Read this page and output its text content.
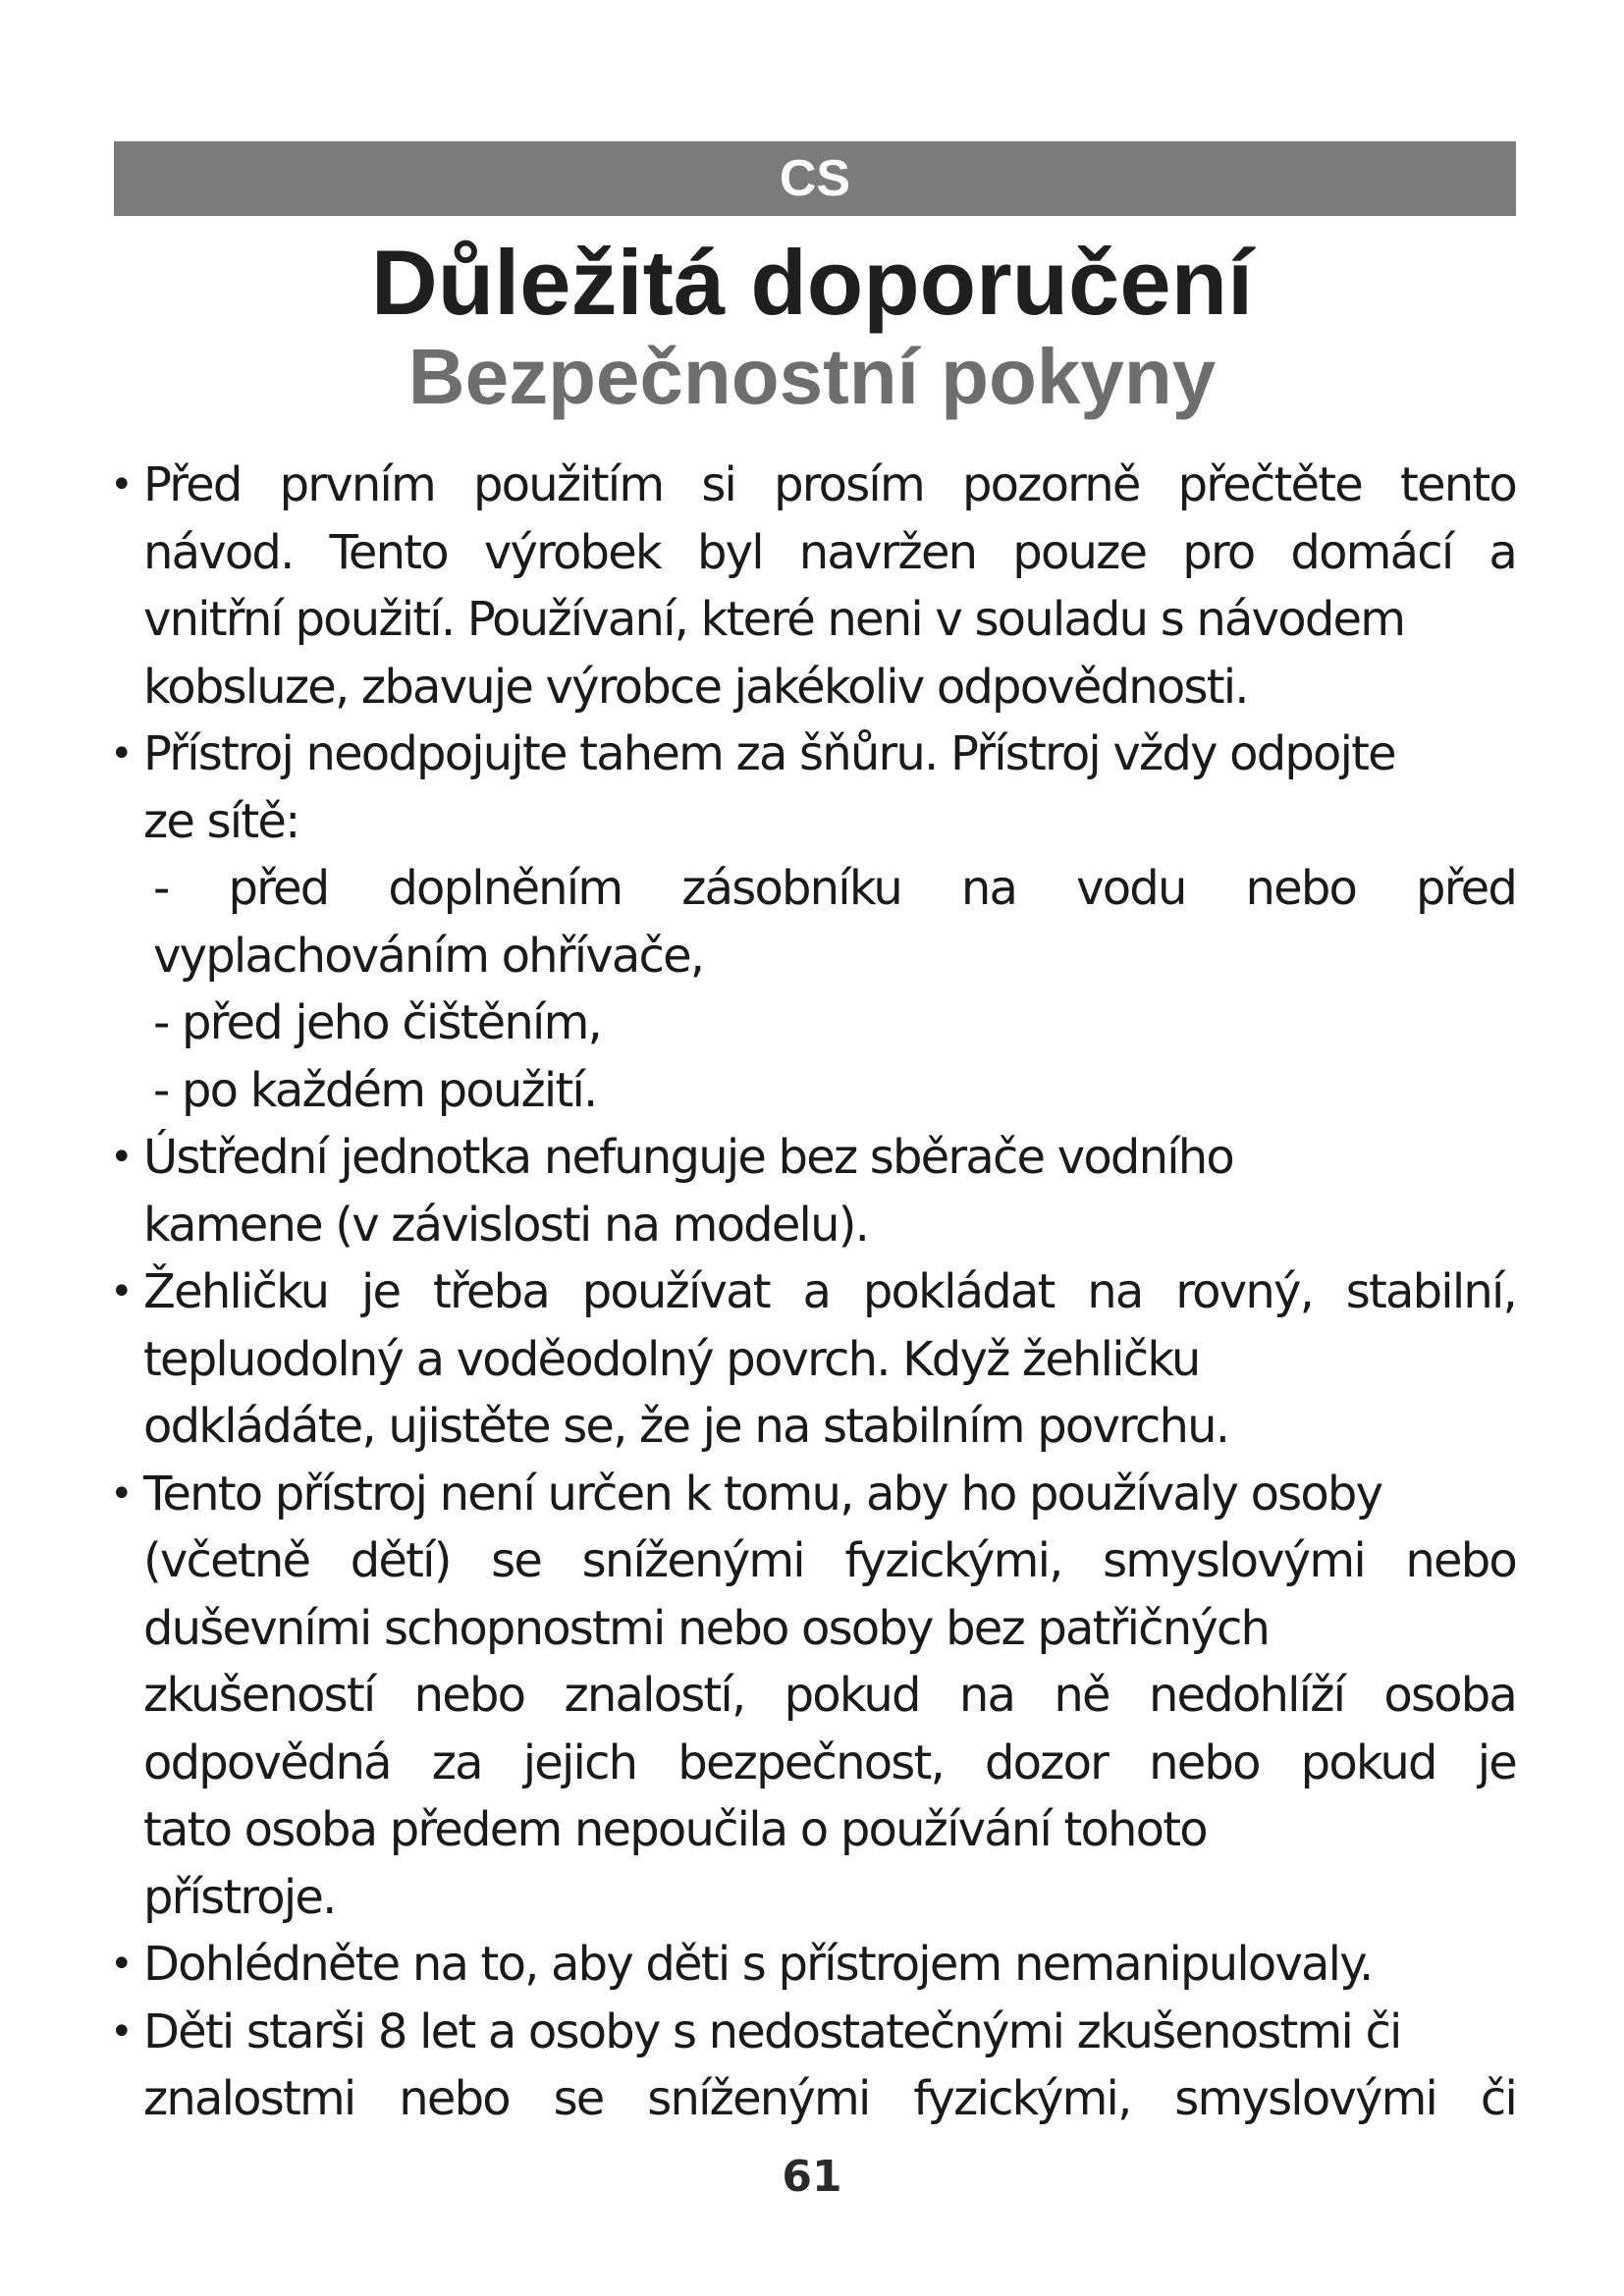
CS
Důležitá doporučení
Bezpečnostní pokyny
• Před prvním použitím si prosím pozorně přečtěte tento
návod. Tento výrobek byl navržen pouze pro domácí a
vnitřní použití. Používaní, které neni v souladu s návodem
kobsluze, zbavuje výrobce jakékoliv odpovědnosti.
• Přístroj neodpojujte tahem za šňůru. Přístroj vždy odpojte
ze sítě:
- před doplněním zásobníku na vodu nebo před
vyplachováním ohřívače,
- před jeho čištěním,
- po každém použití.
• Ústřední jednotka nefunguje bez sběrače vodního
kamene (v závislosti na modelu).
• Žehličku je třeba používat a pokládat na rovný, stabilní,
tepluodolný a voděodolný povrch. Když žehličku
odkládáte, ujistěte se, že je na stabilním povrchu.
• Tento přístroj není určen k tomu, aby ho používaly osoby
(včetně dětí) se sníženými fyzickými, smyslovými nebo
duševními schopnostmi nebo osoby bez patřičných
zkušeností nebo znalostí, pokud na ně nedohlíží osoba
odpovědná za jejich bezpečnost, dozor nebo pokud je
tato osoba předem nepoučila o používání tohoto
přístroje.
• Dohlédněte na to, aby děti s přístrojem nemanipulovaly.
• Děti starši 8 let a osoby s nedostatečnými zkušenostmi či
znalostmi nebo se sníženými fyzickými, smyslovými či
61
